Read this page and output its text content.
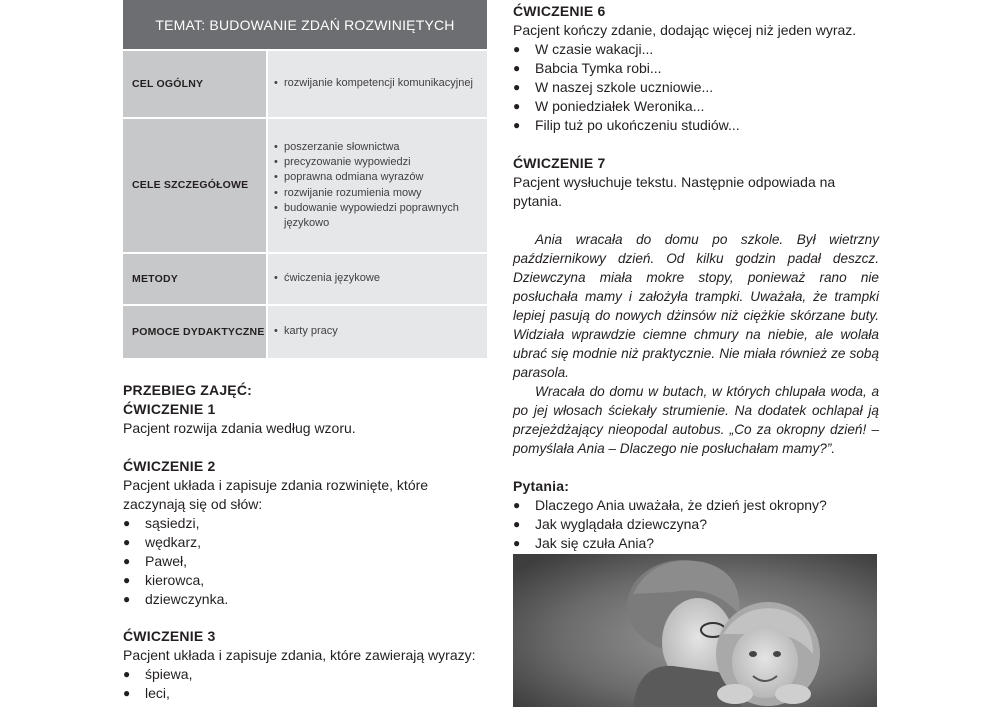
TEMAT: BUDOWANIE ZDAŃ ROZWINIĘTYCH
CEL OGÓLNY	• rozwijanie kompetencji komunikacyjnej
CELE SZCZEGÓŁOWE
• poszerzanie słownictwa
• precyzowanie wypowiedzi
• poprawna odmiana wyrazów
• rozwijanie rozumienia mowy
• budowanie wypowiedzi poprawnych językowo
METODY	• ćwiczenia językowe
POMOCE DYDAKTYCZNE • karty pracy
PRZEBIEG ZAJĘĆ:
ĆWICZENIE 1
Pacjent rozwija zdania według wzoru.
ĆWICZENIE 2
Pacjent układa i zapisuje zdania rozwinięte, które zaczynają się od słów:
●	sąsiedzi,
●	wędkarz,
●	Paweł,
●	kierowca,
●	dziewczynka.
ĆWICZENIE 3
Pacjent układa i zapisuje zdania, które zawierają wyrazy:
●	śpiewa,
●	leci,
ĆWICZENIE 6
Pacjent kończy zdanie, dodając więcej niż jeden wyraz.
●	W czasie wakacji...
●	Babcia Tymka robi...
●	W naszej szkole uczniowie...
●	W poniedziałek Weronika...
●	Filip tuż po ukończeniu studiów...
ĆWICZENIE 7
Pacjent wysłuchuje tekstu. Następnie odpowiada na pytania.

Ania wracała do domu po szkole. Był wietrzny październikowy dzień. Od kilku godzin padał deszcz. Dziewczyna miała mokre stopy, ponieważ rano nie posłuchała mamy i założyła trampki. Uważała, że trampki lepiej pasują do nowych dżinsów niż ciężkie skórzane buty. Widziała wprawdzie ciemne chmury na niebie, ale wolała ubrać się modnie niż praktycznie. Nie miała również ze sobą parasola.

Wracała do domu w butach, w których chlupała woda, a po jej włosach ściekały strumienie. Na dodatek ochlapał ją przejeżdżający nieopodal autobus. „Co za okropny dzień! – pomyślała Ania – Dlaczego nie posłuchałam mamy?”.

Pytania:
●	Dlaczego Ania uważała, że dzień jest okropny?
●	Jak wyglądała dziewczyna?
●	Jak się czuła Ania?
